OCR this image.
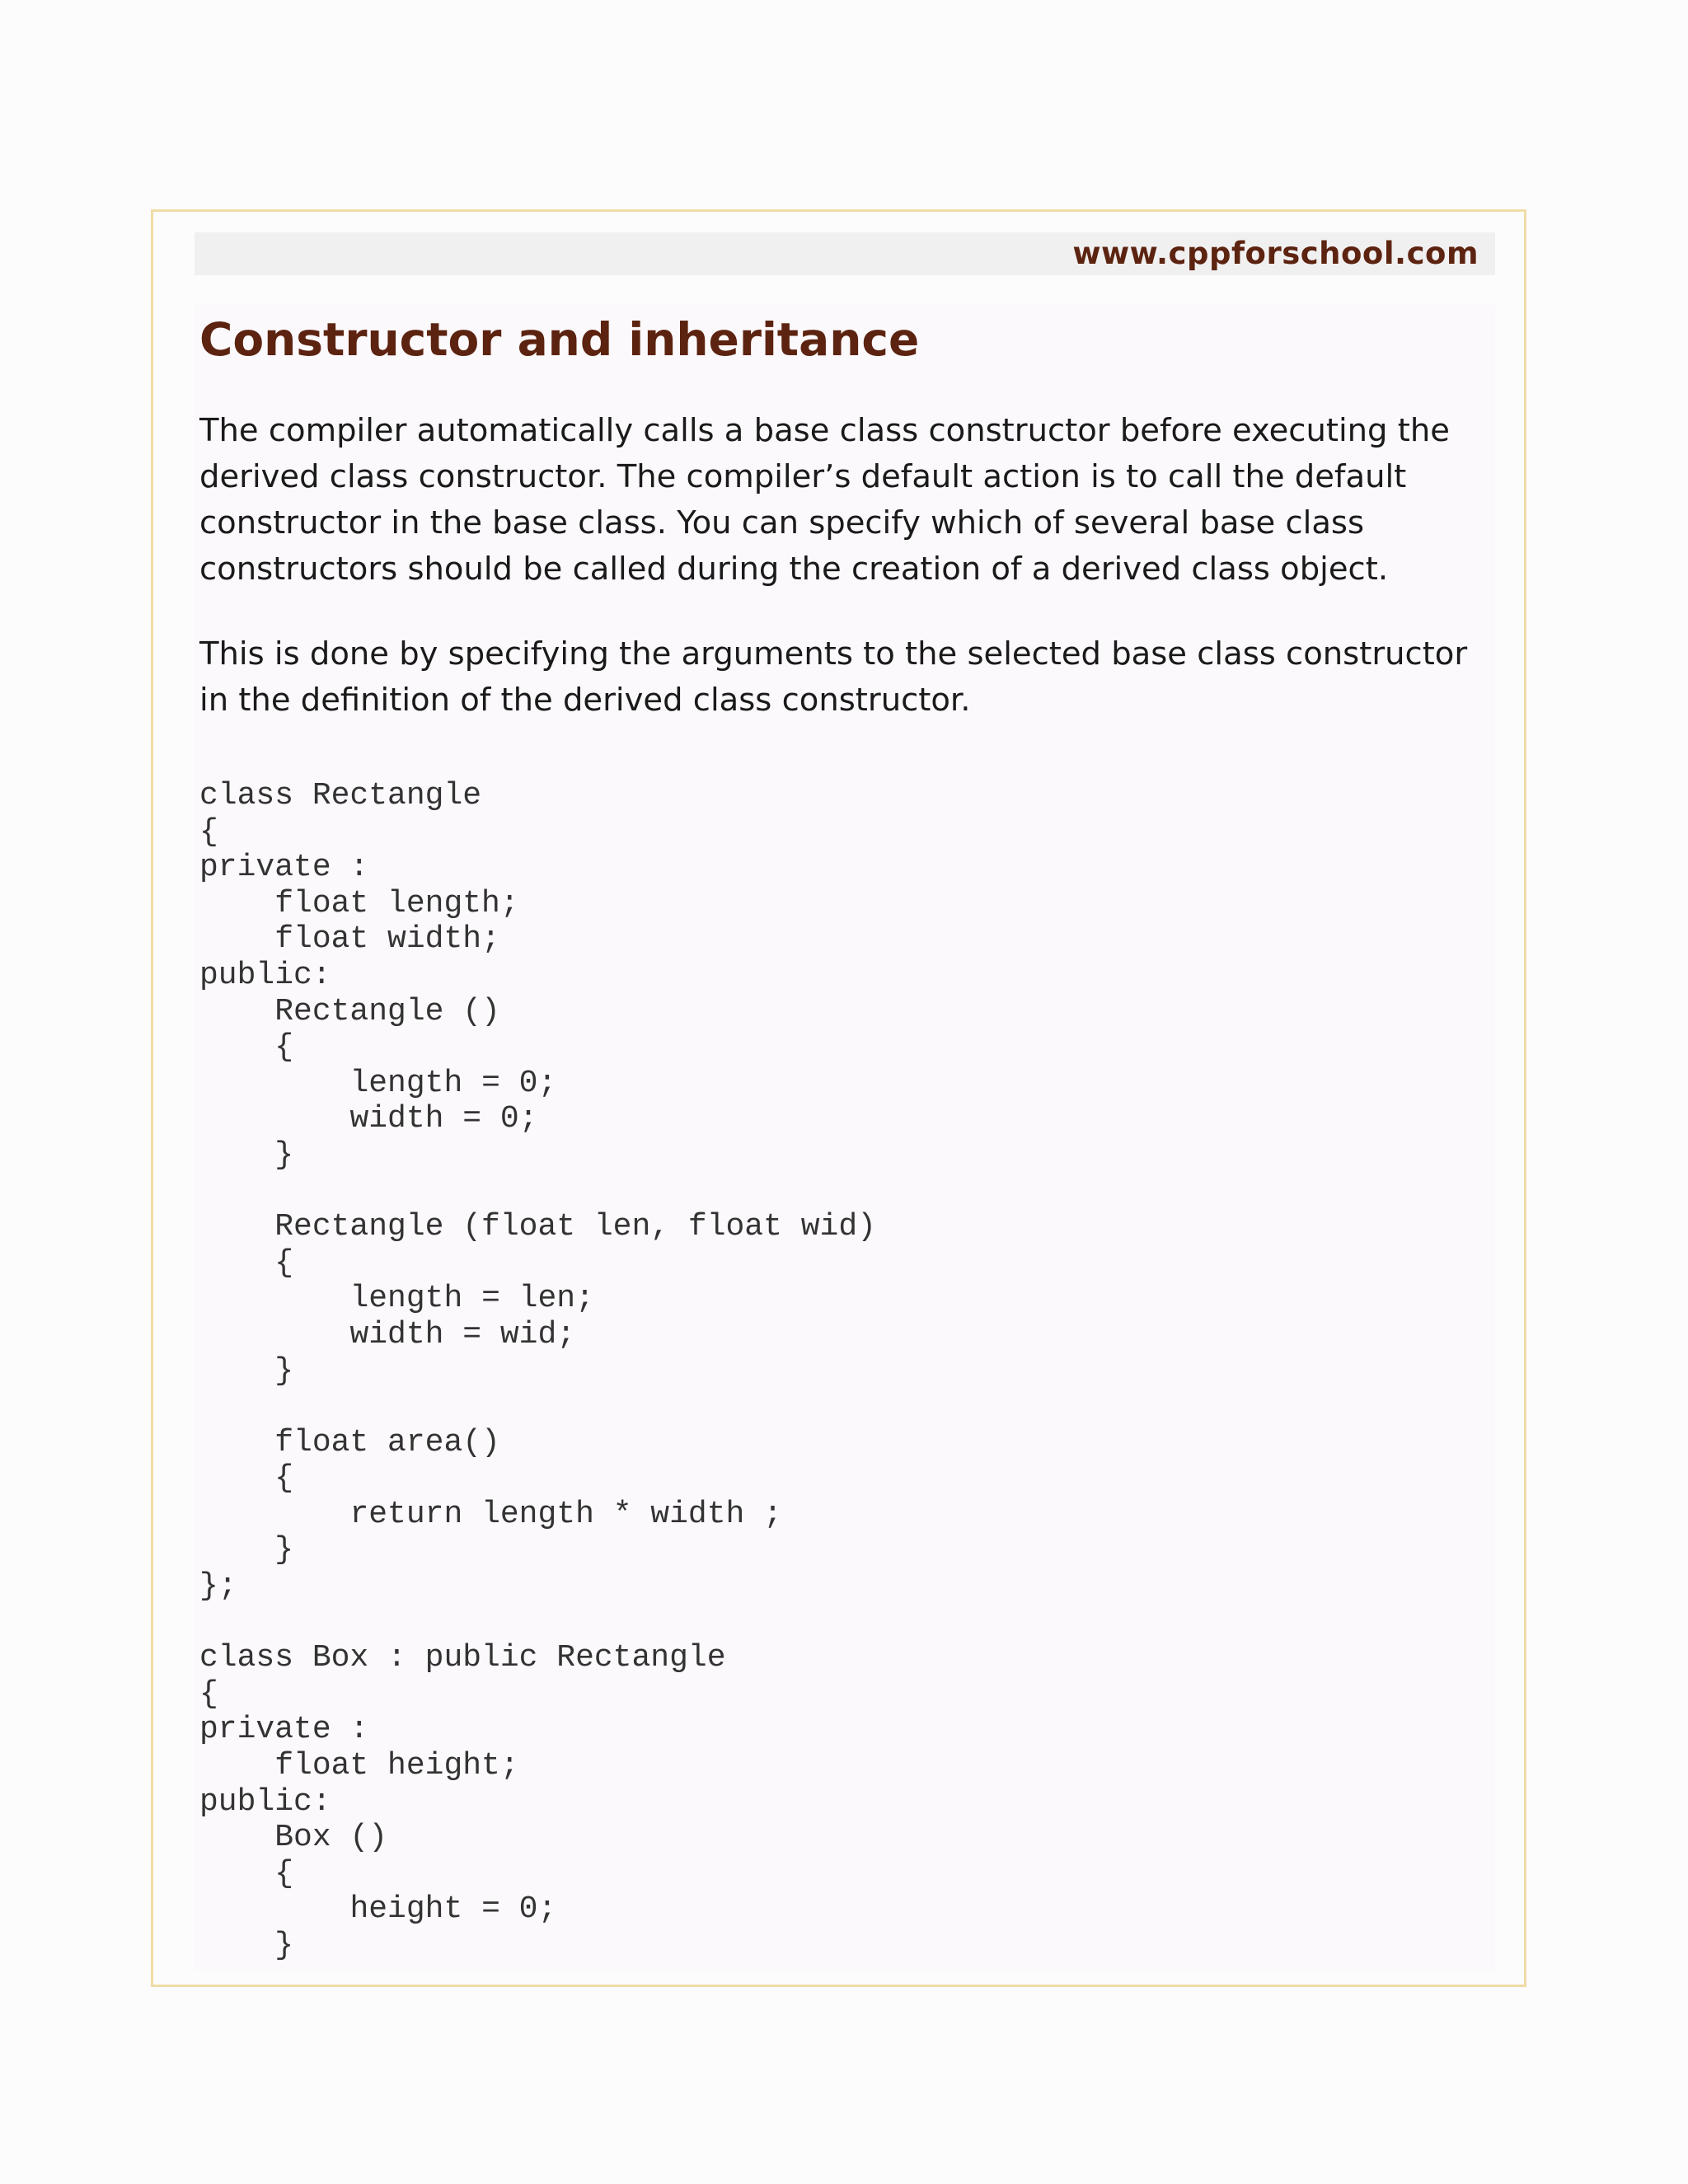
www.cppforschool.com
Constructor and inheritance

The compiler automatically calls a base class constructor before executing the
derived class constructor. The compiler’s default action is to call the default
constructor in the base class. You can specify which of several base class
constructors should be called during the creation of a derived class object.

This is done by specifying the arguments to the selected base class constructor
in the definition of the derived class constructor.

class Rectangle
{
private :
	float length;
	float width;
public:
	Rectangle ()
	{
		length = 0;
		width = 0;
	}

	Rectangle (float len, float wid)
	{
		length = len;
		width = wid;
	}

	float area()
	{
		return length * width ;
	}
};

class Box : public Rectangle
{
private :
	float height;
public:
	Box ()
	{
		height = 0;
	}
